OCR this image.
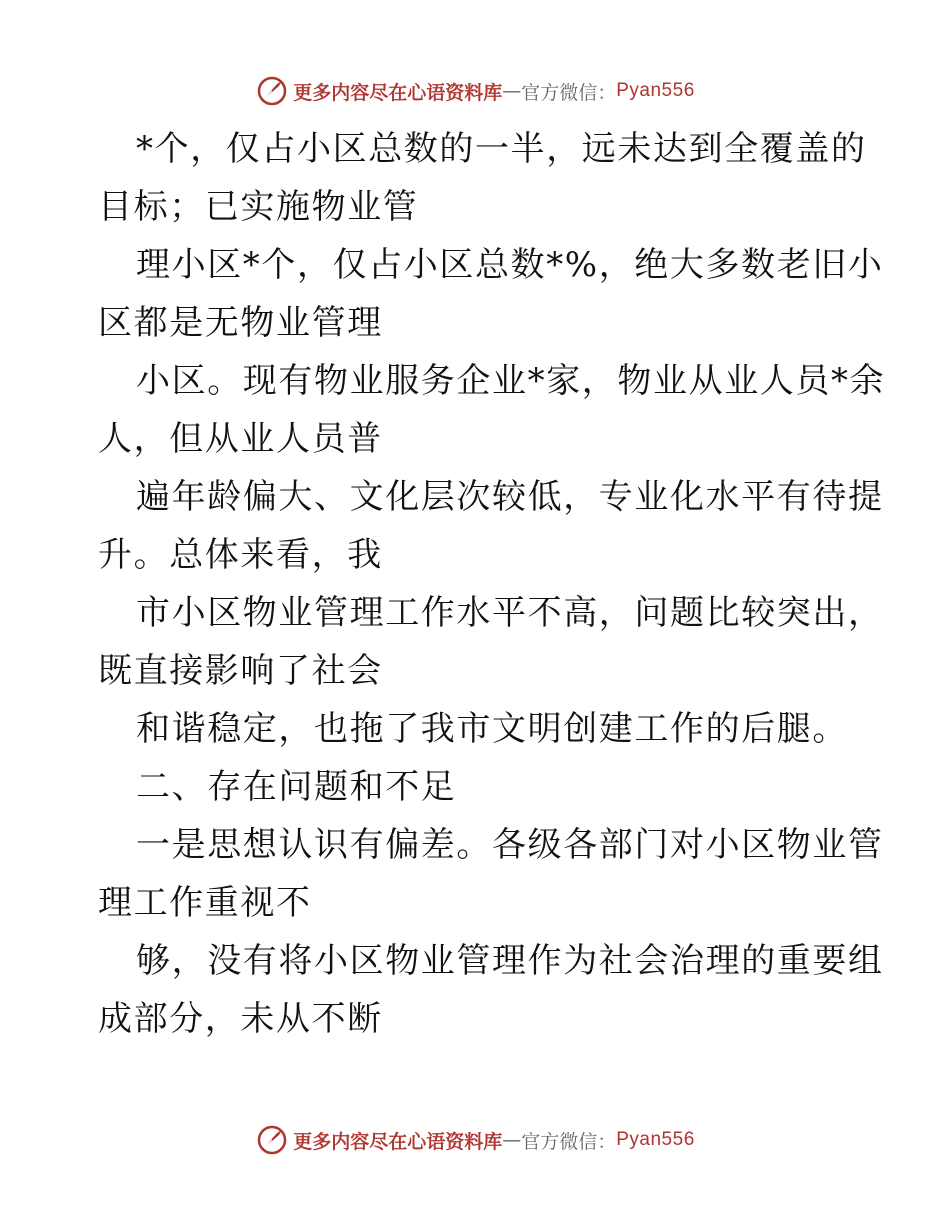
更多内容尽在心语资料库 — 官方微信： Pyan556
*个，仅占小区总数的一半，远未达到全覆盖的
目标；已实施物业管
理小区*个，仅占小区总数*%，绝大多数老旧小
区都是无物业管理
小区。现有物业服务企业*家，物业从业人员*余
人，但从业人员普
遍年龄偏大、文化层次较低，专业化水平有待提
升。总体来看，我
市小区物业管理工作水平不高，问题比较突出，
既直接影响了社会
和谐稳定，也拖了我市文明创建工作的后腿。
二、存在问题和不足
一是思想认识有偏差。各级各部门对小区物业管
理工作重视不
够，没有将小区物业管理作为社会治理的重要组
成部分，未从不断
更多内容尽在心语资料库 — 官方微信： Pyan556
